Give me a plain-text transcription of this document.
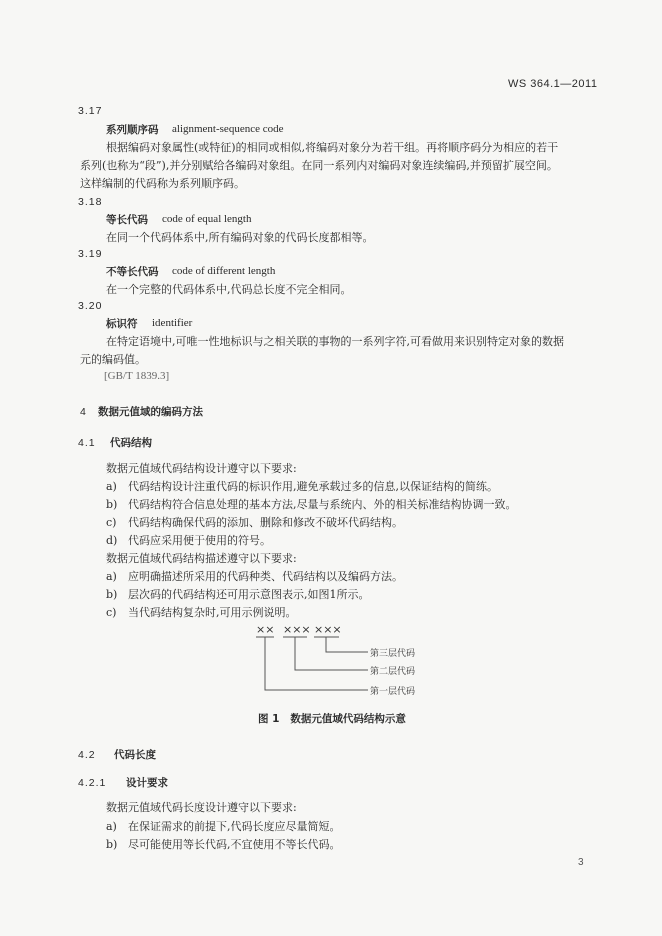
WS 364.1—2011
3.17
系列顺序码 alignment-sequence code
根据编码对象属性(或特征)的相同或相似,将编码对象分为若干组。再将顺序码分为相应的若干
系列(也称为“段”),并分别赋给各编码对象组。在同一系列内对编码对象连续编码,并预留扩展空间。
这样编制的代码称为系列顺序码。
3.18
等长代码 code of equal length
在同一个代码体系中,所有编码对象的代码长度都相等。
3.19
不等长代码 code of different length
在一个完整的代码体系中,代码总长度不完全相同。
3.20
标识符 identifier
在特定语境中,可唯一性地标识与之相关联的事物的一系列字符,可看做用来识别特定对象的数据
元的编码值。
[GB/T 1839.3]
4 数据元值域的编码方法
4.1 代码结构
数据元值域代码结构设计遵守以下要求:
a) 代码结构设计注重代码的标识作用,避免承载过多的信息,以保证结构的简练。
b) 代码结构符合信息处理的基本方法,尽量与系统内、外的相关标准结构协调一致。
c) 代码结构确保代码的添加、删除和修改不破坏代码结构。
d) 代码应采用便于使用的符号。
数据元值域代码结构描述遵守以下要求:
a) 应明确描述所采用的代码种类、代码结构以及编码方法。
b) 层次码的代码结构还可用示意图表示,如图1所示。
c) 当代码结构复杂时,可用示例说明。
×× ××× ×××
第三层代码
第二层代码
第一层代码
图 1   数据元值域代码结构示意
4.2 代码长度
4.2.1 设计要求
数据元值域代码长度设计遵守以下要求:
a) 在保证需求的前提下,代码长度应尽量简短。
b) 尽可能使用等长代码,不宜使用不等长代码。
3
